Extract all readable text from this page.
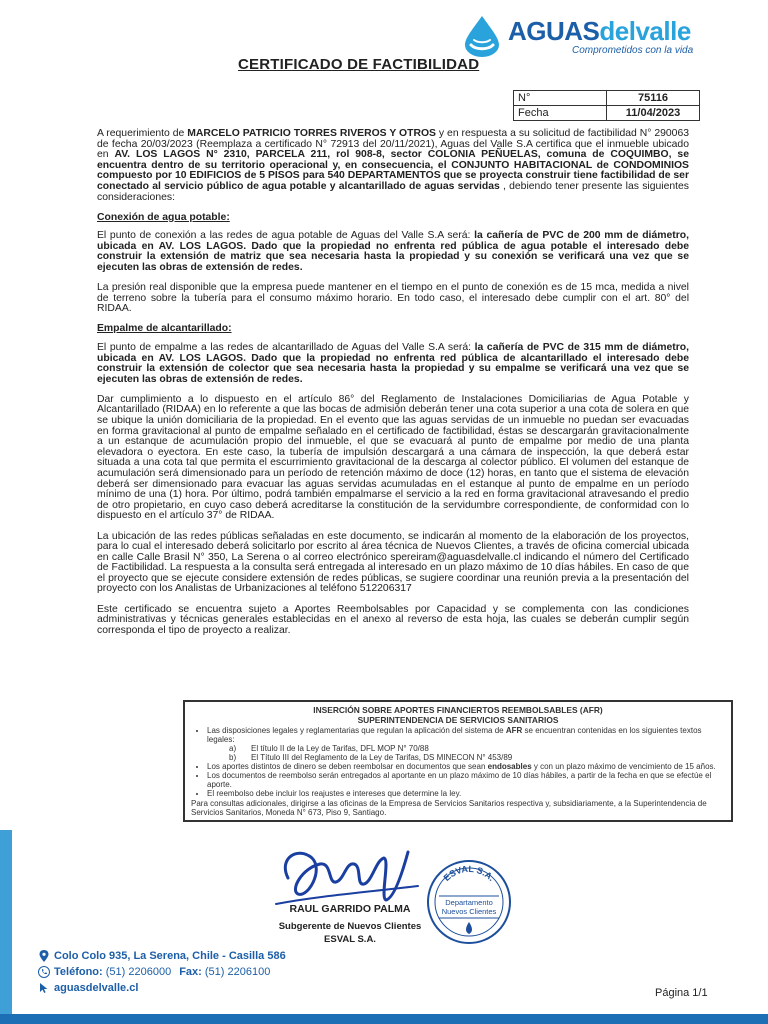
AGUASdelvalle
Comprometidos con la vida
CERTIFICADO DE FACTIBILIDAD
N°	75116
Fecha	11/04/2023

A requerimiento de MARCELO PATRICIO TORRES RIVEROS Y OTROS y en respuesta a su solicitud de factibilidad N° 290063 de fecha 20/03/2023 (Reemplaza a certificado N° 72913 del 20/11/2021), Aguas del Valle S.A certifica que el inmueble ubicado en AV. LOS LAGOS N° 2310, PARCELA 211, rol 908-8, sector COLONIA PEÑUELAS, comuna de COQUIMBO, se encuentra dentro de su territorio operacional y, en consecuencia, el CONJUNTO HABITACIONAL de CONDOMINIOS compuesto por 10 EDIFICIOS de 5 PISOS para 540 DEPARTAMENTOS que se proyecta construir tiene factibilidad de ser conectado al servicio público de agua potable y alcantarillado de aguas servidas , debiendo tener presente las siguientes consideraciones:

Conexión de agua potable:

El punto de conexión a las redes de agua potable de Aguas del Valle S.A será: la cañería de PVC de 200 mm de diámetro, ubicada en AV. LOS LAGOS. Dado que la propiedad no enfrenta red pública de agua potable el interesado debe construir la extensión de matriz que sea necesaria hasta la propiedad y su conexión se verificará una vez que se ejecuten las obras de extensión de redes.

La presión real disponible que la empresa puede mantener en el tiempo en el punto de conexión es de 15 mca, medida a nivel de terreno sobre la tubería para el consumo máximo horario. En todo caso, el interesado debe cumplir con el art. 80° del RIDAA.

Empalme de alcantarillado:

El punto de empalme a las redes de alcantarillado de Aguas del Valle S.A será: la cañería de PVC de 315 mm de diámetro, ubicada en AV. LOS LAGOS. Dado que la propiedad no enfrenta red pública de alcantarillado el interesado debe construir la extensión de colector que sea necesaria hasta la propiedad y su empalme se verificará una vez que se ejecuten las obras de extensión de redes.

Dar cumplimiento a lo dispuesto en el artículo 86° del Reglamento de Instalaciones Domiciliarias de Agua Potable y Alcantarillado (RIDAA) en lo referente a que las bocas de admisión deberán tener una cota superior a una cota de solera en que se ubique la unión domiciliaria de la propiedad. En el evento que las aguas servidas de un inmueble no puedan ser evacuadas en forma gravitacional al punto de empalme señalado en el certificado de factibilidad, éstas se descargarán gravitacionalmente a un estanque de acumulación propio del inmueble, el que se evacuará al punto de empalme por medio de una planta elevadora o eyectora. En este caso, la tubería de impulsión descargará a una cámara de inspección, la que deberá estar situada a una cota tal que permita el escurrimiento gravitacional de la descarga al colector público. El volumen del estanque de acumulación será dimensionado para un período de retención máximo de doce (12) horas, en tanto que el sistema de elevación deberá ser dimensionado para evacuar las aguas servidas acumuladas en el estanque al punto de empalme en un período mínimo de una (1) hora. Por último, podrá también empalmarse el servicio a la red en forma gravitacional atravesando el predio de otro propietario, en cuyo caso deberá acreditarse la constitución de la servidumbre correspondiente, de conformidad con lo dispuesto en el artículo 37° de RIDAA.

La ubicación de las redes públicas señaladas en este documento, se indicarán al momento de la elaboración de los proyectos, para lo cual el interesado deberá solicitarlo por escrito al área técnica de Nuevos Clientes, a través de oficina comercial ubicada en calle Calle Brasil N° 350, La Serena o al correo electrónico spereiram@aguasdelvalle.cl indicando el número del Certificado de Factibilidad. La respuesta a la consulta será entregada al interesado en un plazo máximo de 10 días hábiles. En caso de que el proyecto que se ejecute considere extensión de redes públicas, se sugiere coordinar una reunión previa a la presentación del proyecto con los Analistas de Urbanizaciones al teléfono 512206317

Este certificado se encuentra sujeto a Aportes Reembolsables por Capacidad y se complementa con las condiciones administrativas y técnicas generales establecidas en el anexo al reverso de esta hoja, las cuales se deberán cumplir según corresponda el tipo de proyecto a realizar.

INSERCIÓN SOBRE APORTES FINANCIERTOS REEMBOLSABLES (AFR)
SUPERINTENDENCIA DE SERVICIOS SANITARIOS
• Las disposiciones legales y reglamentarias que regulan la aplicación del sistema de AFR se encuentran contenidas en los siguientes textos legales:
a) El título II de la Ley de Tarifas, DFL MOP N° 70/88
b) El Título III del Reglamento de la Ley de Tarifas, DS MINECON N° 453/89
• Los aportes distintos de dinero se deben reembolsar en documentos que sean endosables y con un plazo máximo de vencimiento de 15 años.
• Los documentos de reembolso serán entregados al aportante en un plazo máximo de 10 días hábiles, a partir de la fecha en que se efectúe el aporte.
• El reembolso debe incluir los reajustes e intereses que determine la ley.
Para consultas adicionales, dirigirse a las oficinas de la Empresa de Servicios Sanitarios respectiva y, subsidiariamente, a la Superintendencia de Servicios Sanitarios, Moneda N° 673, Piso 9, Santiago.
RAUL GARRIDO PALMA
Subgerente de Nuevos Clientes
ESVAL S.A.
ESVAL S.A.
Departamento
Nuevos Clientes
Colo Colo 935, La Serena, Chile - Casilla 586
Teléfono:
(51) 2206000 Fax:
(51) 2206100
aguasdelvalle.cl	Página 1/1
